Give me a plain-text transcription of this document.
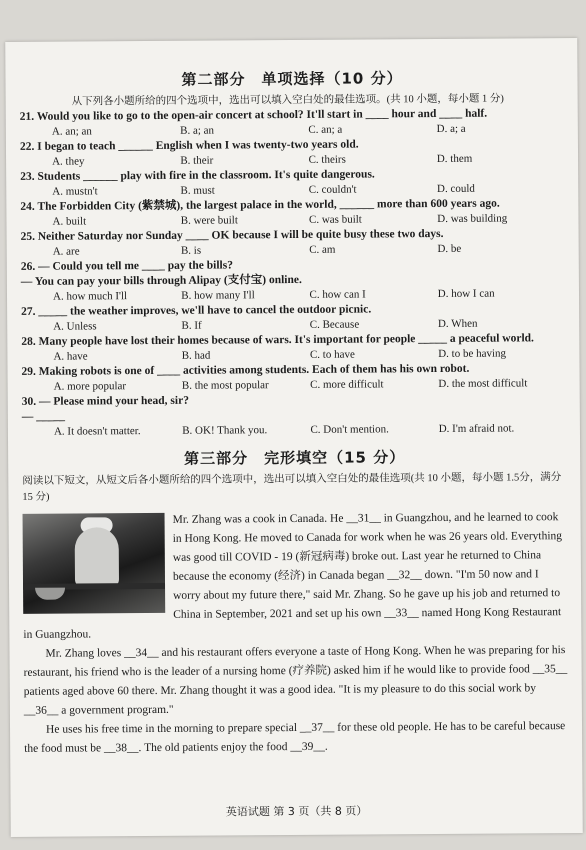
第二部分　单项选择（10 分）

从下列各小题所给的四个选项中，选出可以填入空白处的最佳选项。(共 10 小题，每小题 1 分)

21. Would you like to go to the open-air concert at school? It'll start in ____ hour and ____ half.
A. an; an	B. a; an	C. an; a	D. a; a
22. I began to teach ______ English when I was twenty-two years old.
A. they	B. their	C. theirs	D. them
23. Students ______ play with fire in the classroom. It's quite dangerous.
A. mustn't	B. must	C. couldn't	D. could
24. The Forbidden City (紫禁城), the largest palace in the world, ______ more than 600 years ago.
A. built	B. were built	C. was built	D. was building
25. Neither Saturday nor Sunday ____ OK because I will be quite busy these two days.
A. are	B. is	C. am	D. be
26. — Could you tell me ____ pay the bills?
— You can pay your bills through Alipay (支付宝) online.
A. how much I'll	B. how many I'll	C. how can I	D. how I can
27. _____ the weather improves, we'll have to cancel the outdoor picnic.
A. Unless	B. If	C. Because	D. When
28. Many people have lost their homes because of wars. It's important for people _____ a peaceful world.
A. have	B. had	C. to have	D. to be having
29. Making robots is one of ____ activities among students. Each of them has his own robot.
A. more popular	B. the most popular	C. more difficult	D. the most difficult
30. — Please mind your head, sir?
— _____
A. It doesn't matter.	B. OK! Thank you.	C. Don't mention.	D. I'm afraid not.
第三部分　完形填空（15 分）

阅读以下短文，从短文后各小题所给的四个选项中，选出可以填入空白处的最佳选项(共 10 小题，每小题 1.5分，满分 15 分)

Mr. Zhang was a cook in Canada. He __31__ in Guangzhou, and he learned to cook in Hong Kong. He moved to Canada for work when he was 26 years old. Everything was good till COVID - 19 (新冠病毒) broke out. Last year he returned to China because the economy (经济) in Canada began __32__ down. "I'm 50 now and I worry about my future there," said Mr. Zhang. So he gave up his job and returned to China in September, 2021 and set up his own __33__ named Hong Kong Restaurant in Guangzhou.

Mr. Zhang loves __34__ and his restaurant offers everyone a taste of Hong Kong. When he was preparing for his restaurant, his friend who is the leader of a nursing home (疗养院) asked him if he would like to provide food __35__ patients aged above 60 there. Mr. Zhang thought it was a good idea. "It is my pleasure to do this social work by __36__ a government program."

He uses his free time in the morning to prepare special __37__ for these old people. He has to be careful because the food must be __38__. The old patients enjoy the food __39__.

英语试题 第 3 页（共 8 页）
